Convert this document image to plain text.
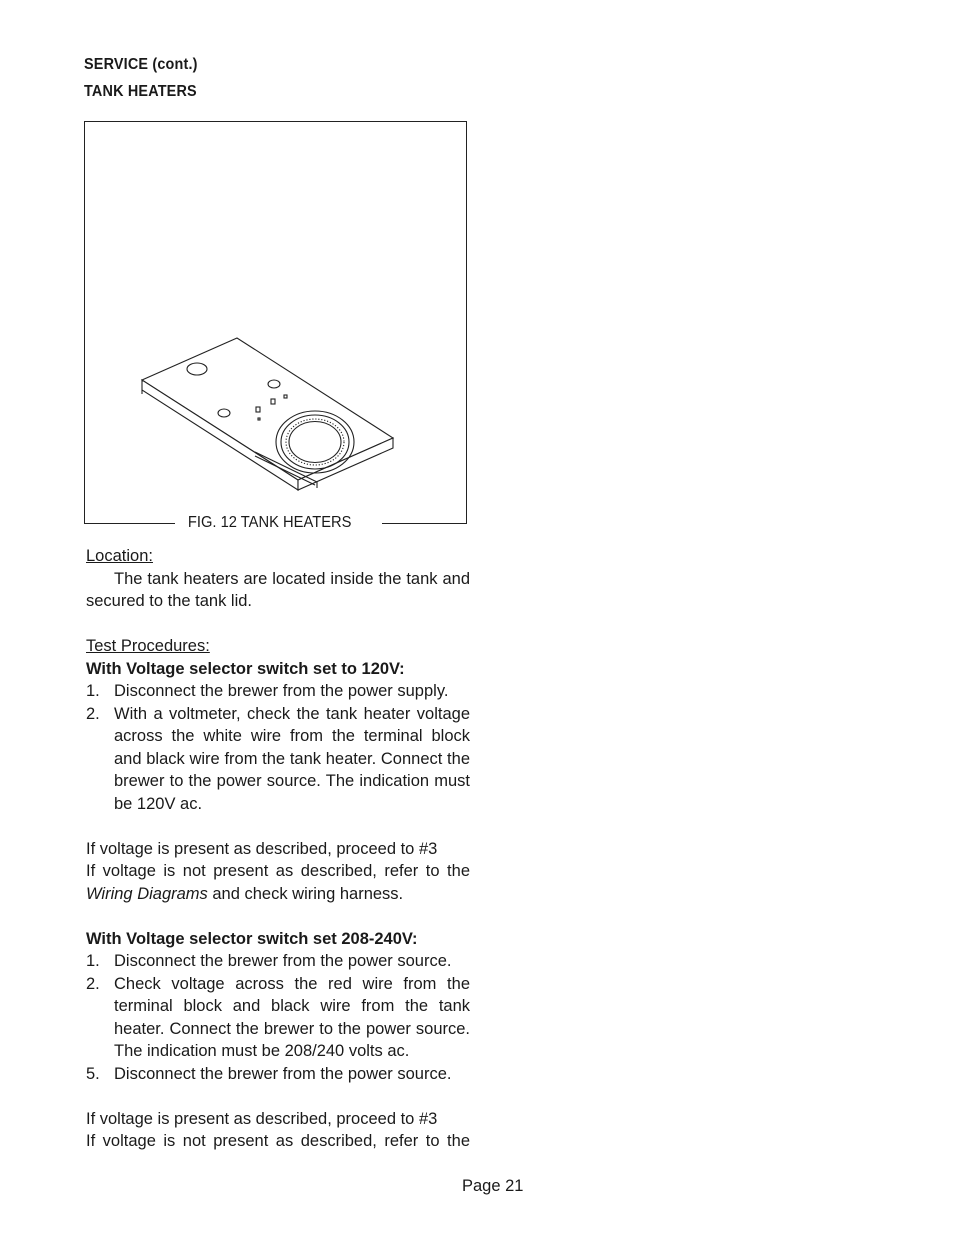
SERVICE (cont.)
TANK HEATERS
FIG. 12 TANK HEATERS

Location:

The tank heaters are located inside the tank and secured to the tank lid.

Test Procedures:

With Voltage selector switch set to 120V:

1. Disconnect the brewer from the power supply.
2. With a voltmeter, check the tank heater voltage across the white wire from the terminal block and black wire from the tank heater. Connect the brewer to the power source. The indication must be 120V ac.

If voltage is present as described, proceed to #3

If voltage is not present as described, refer to the Wiring Diagrams and check wiring harness.

With Voltage selector switch set 208-240V:

1. Disconnect the brewer from the power source.
2. Check voltage across the red wire from the terminal block and black wire from the tank heater. Connect the brewer to the power source. The indication must be 208/240 volts ac.
5. Disconnect the brewer from the power source.

If voltage is present as described, proceed to #3

If voltage is not present as described, refer to the

Page 21
